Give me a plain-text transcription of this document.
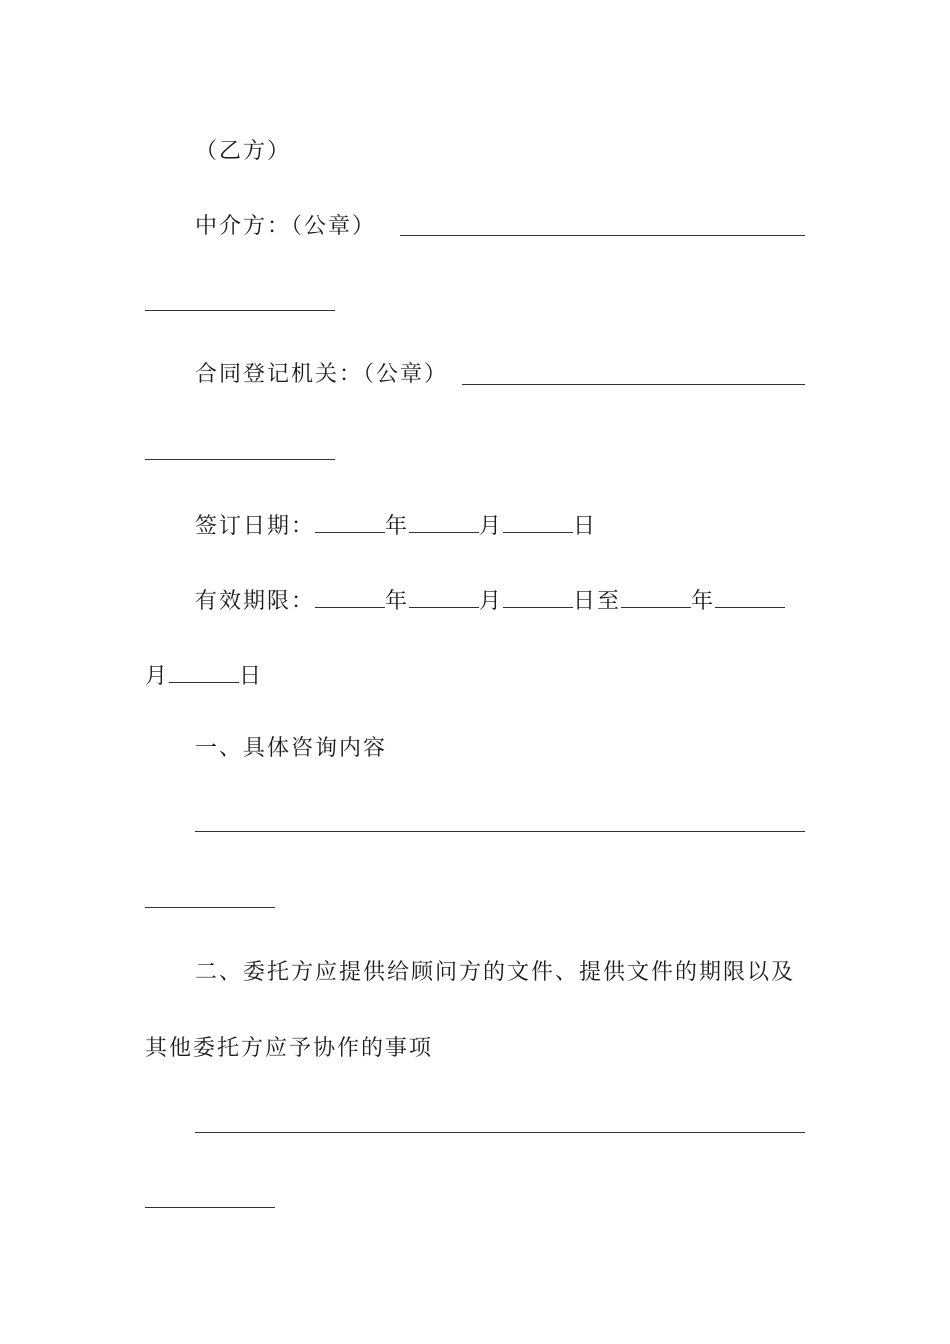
（乙方）
中介方：（公章）
合同登记机关：（公章）
签订日期：	年	月	日
有效期限：	年	月	日至	年
月	日
一、具体咨询内容
二、委托方应提供给顾问方的文件、提供文件的期限以及
其他委托方应予协作的事项
